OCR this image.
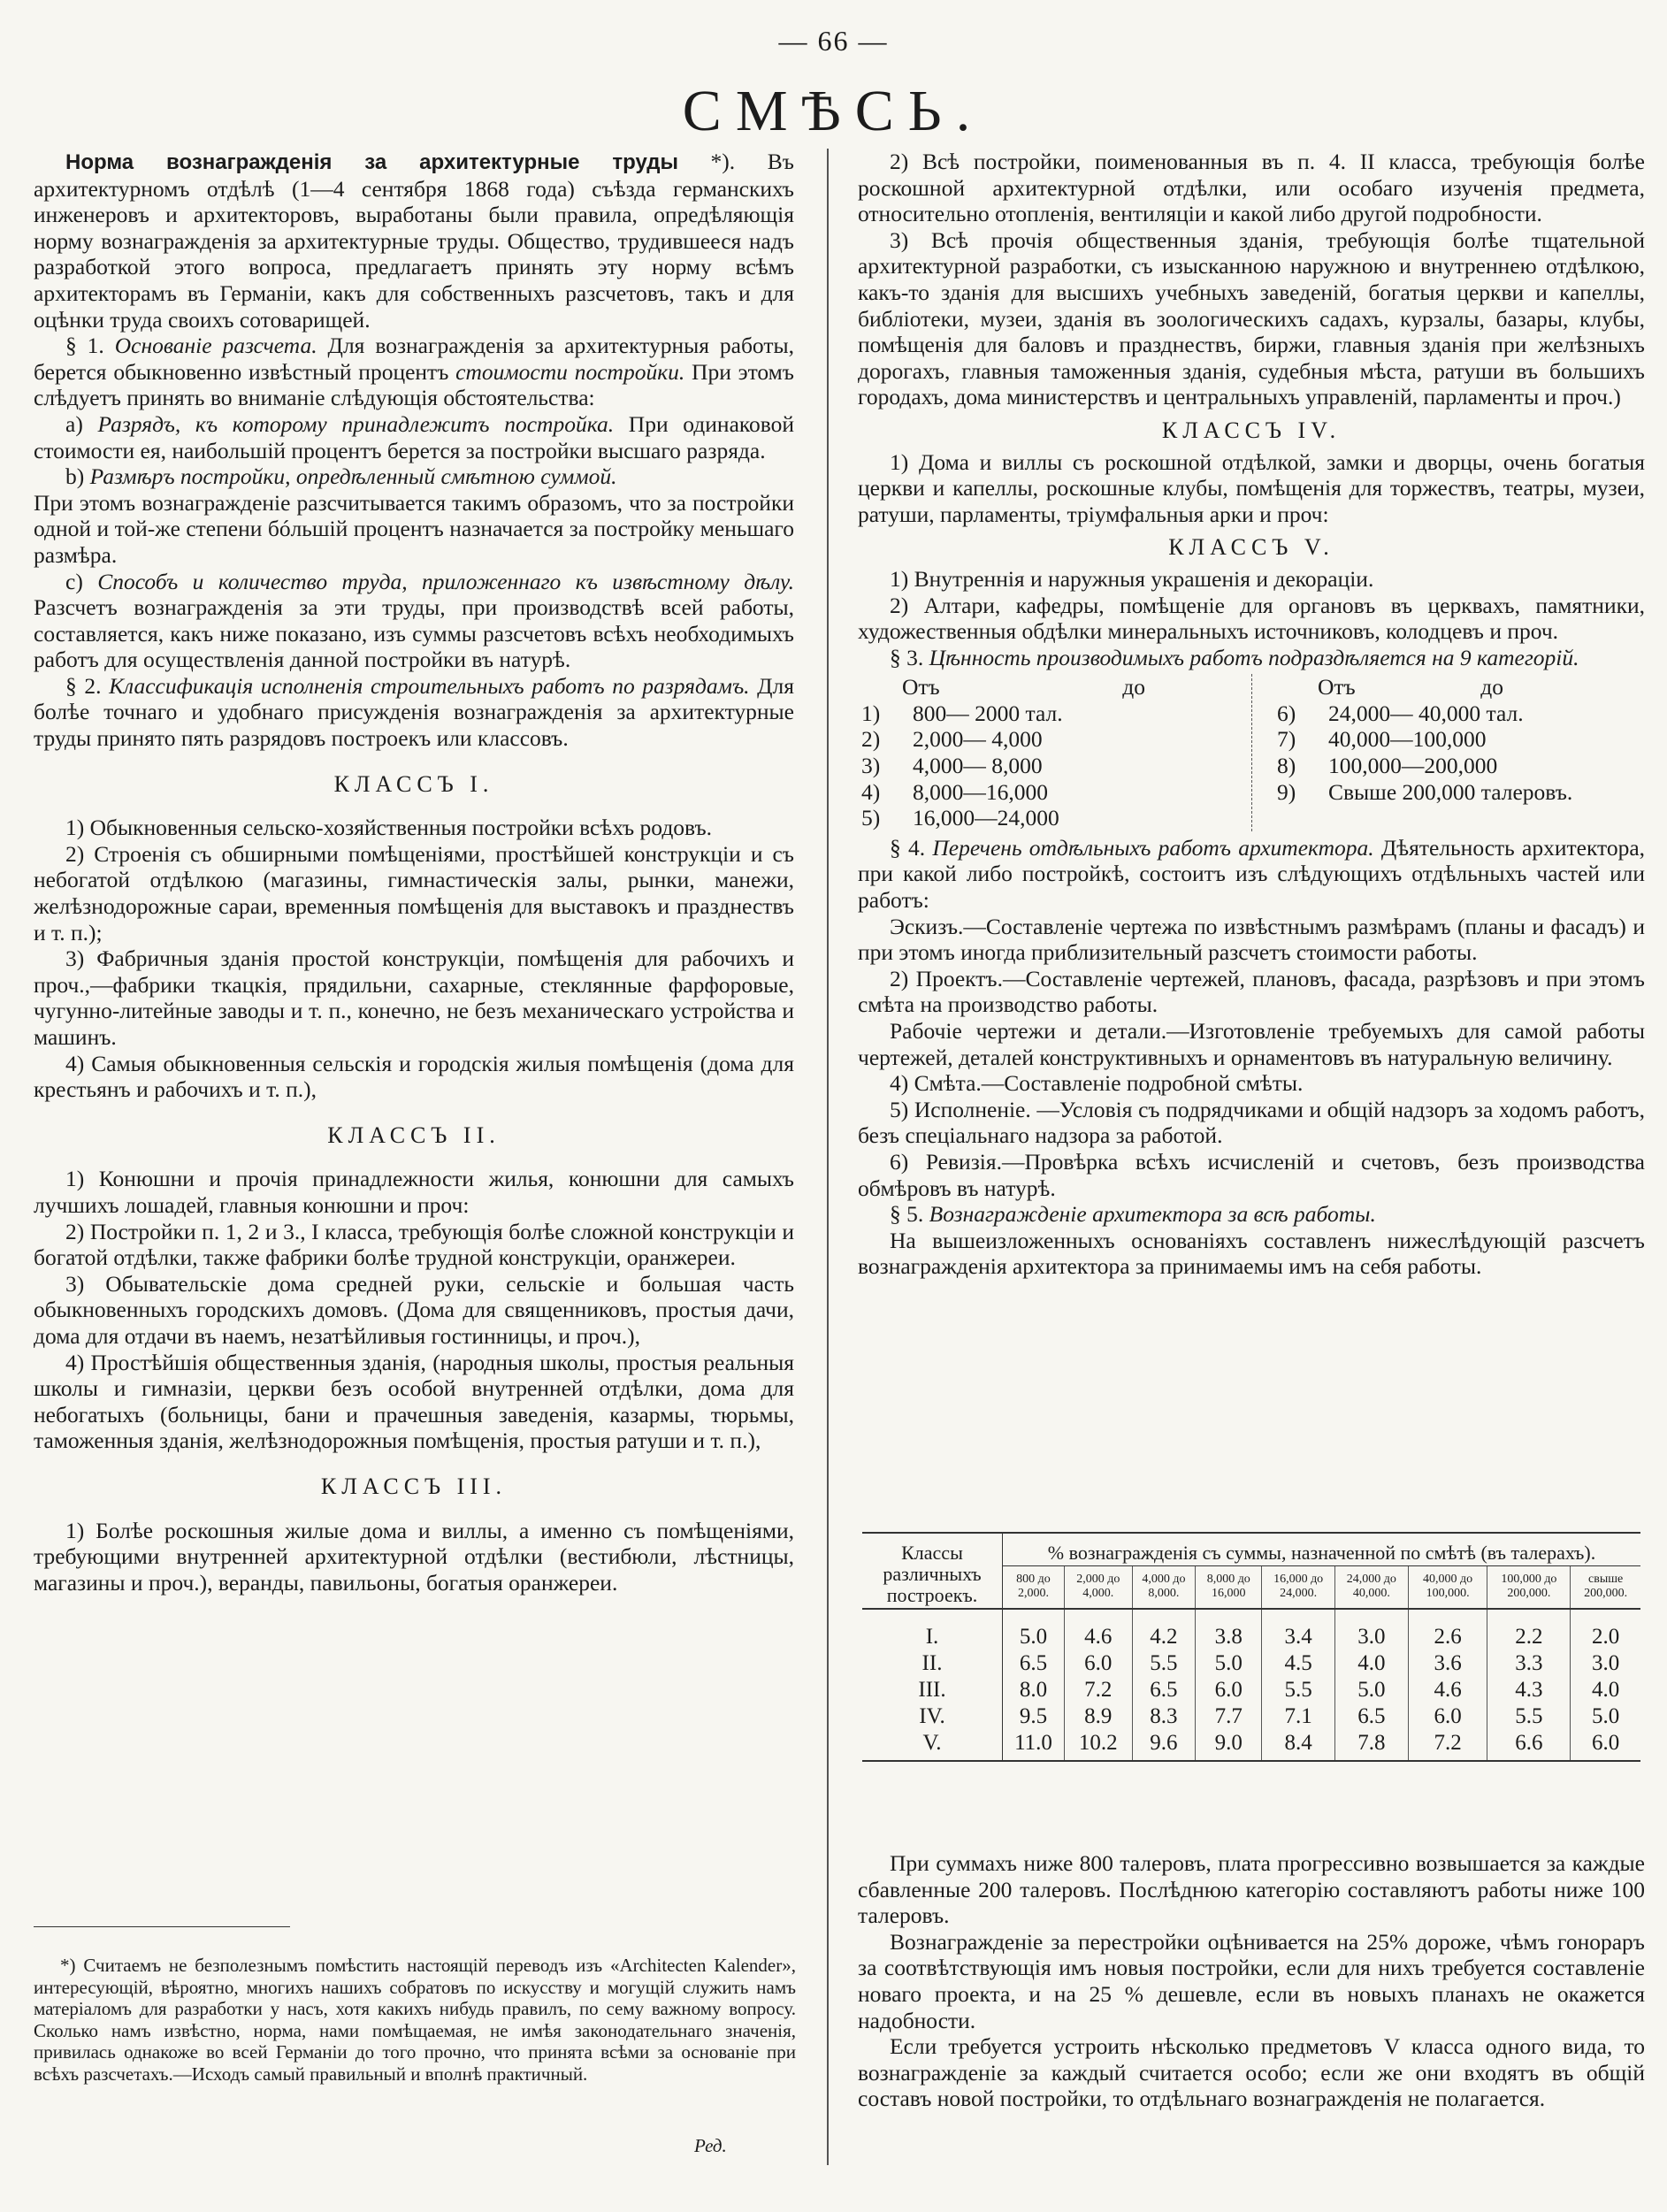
— 66 —
СМѢСЬ.

Норма вознагражденія за архитектурные труды *). Въ архитектурномъ отдѣлѣ (1—4 сентября 1868 года) съѣзда германскихъ инженеровъ и архитекторовъ, выработаны были правила, опредѣляющія норму вознагражденія за архитектурные труды. Общество, трудившееся надъ разработкой этого вопроса, предлагаетъ принять эту норму всѣмъ архитекторамъ въ Германіи, какъ для собственныхъ разсчетовъ, такъ и для оцѣнки труда своихъ сотоварищей.

§ 1. Основаніе разсчета. Для вознагражденія за архитектурныя работы, берется обыкновенно извѣстный процентъ стоимости постройки. При этомъ слѣдуетъ принять во вниманіе слѣдующія обстоятельства:

a) Разрядъ, къ которому принадлежитъ постройка. При одинаковой стоимости ея, наибольшій процентъ берется за постройки высшаго разряда.

b) Размѣръ постройки, опредѣленный смѣтною суммой.

При этомъ вознагражденіе разсчитывается такимъ образомъ, что за постройки одной и той-же степени бóльшій процентъ назначается за постройку меньшаго размѣра.

c) Способъ и количество труда, приложеннаго къ извѣстному дѣлу. Разсчетъ вознагражденія за эти труды, при производствѣ всей работы, составляется, какъ ниже показано, изъ суммы разсчетовъ всѣхъ необходимыхъ работъ для осуществленія данной постройки въ натурѣ.

§ 2. Классификація исполненія строительныхъ работъ по разрядамъ. Для болѣе точнаго и удобнаго присужденія вознагражденія за архитектурные труды принято пять разрядовъ построекъ или классовъ.

КЛАССЪ I.

1) Обыкновенныя сельско-хозяйственныя постройки всѣхъ родовъ.

2) Строенія съ обширными помѣщеніями, простѣйшей конструкціи и съ небогатой отдѣлкою (магазины, гимнастическія залы, рынки, манежи, желѣзнодорожные сараи, временныя помѣщенія для выставокъ и празднествъ и т. п.);

3) Фабричныя зданія простой конструкціи, помѣщенія для рабочихъ и проч.,—фабрики ткацкія, прядильни, сахарные, стеклянные фарфоровые, чугунно-литейные заводы и т. п., конечно, не безъ механическаго устройства и машинъ.

4) Самыя обыкновенныя сельскія и городскія жилыя помѣщенія (дома для крестьянъ и рабочихъ и т. п.),

КЛАССЪ II.

1) Конюшни и прочія принадлежности жилья, конюшни для самыхъ лучшихъ лошадей, главныя конюшни и проч:

2) Постройки п. 1, 2 и 3., I класса, требующія болѣе сложной конструкціи и богатой отдѣлки, также фабрики болѣе трудной конструкціи, оранжереи.

3) Обывательскіе дома средней руки, сельскіе и большая часть обыкновенныхъ городскихъ домовъ. (Дома для священниковъ, простыя дачи, дома для отдачи въ наемъ, незатѣйливыя гостинницы, и проч.),

4) Простѣйшія общественныя зданія, (народныя школы, простыя реальныя школы и гимназіи, церкви безъ особой внутренней отдѣлки, дома для небогатыхъ (больницы, бани и прачешныя заведенія, казармы, тюрьмы, таможенныя зданія, желѣзнодорожныя помѣщенія, простыя ратуши и т. п.),

КЛАССЪ III.

1) Болѣе роскошныя жилые дома и виллы, а именно съ помѣщеніями, требующими внутренней архитектурной отдѣлки (вестибюли, лѣстницы, магазины и проч.), веранды, павильоны, богатыя оранжереи.

*) Считаемъ не безполезнымъ помѣстить настоящій переводъ изъ «Architecten Kalender», интересующій, вѣроятно, многихъ нашихъ собратовъ по искусству и могущій служить намъ матеріаломъ для разработки у насъ, хотя какихъ нибудь правилъ, по сему важному вопросу. Сколько намъ извѣстно, норма, нами помѣщаемая, не имѣя законодательнаго значенія, привилась однакоже во всей Германіи до того прочно, что принята всѣми за основаніе при всѣхъ разсчетахъ.—Исходъ самый правильный и вполнѣ практичный.

Ред.

2) Всѣ постройки, поименованныя въ п. 4. II класса, требующія болѣе роскошной архитектурной отдѣлки, или особаго изученія предмета, относительно отопленія, вентиляціи и какой либо другой подробности.

3) Всѣ прочія общественныя зданія, требующія болѣе тщательной архитектурной разработки, съ изысканною наружною и внутреннею отдѣлкою, какъ-то зданія для высшихъ учебныхъ заведеній, богатыя церкви и капеллы, библіотеки, музеи, зданія въ зоологическихъ садахъ, курзалы, базары, клубы, помѣщенія для баловъ и празднествъ, биржи, главныя зданія при желѣзныхъ дорогахъ, главныя таможенныя зданія, судебныя мѣста, ратуши въ большихъ городахъ, дома министерствъ и центральныхъ управленій, парламенты и проч.)

КЛАССЪ IV.

1) Дома и виллы съ роскошной отдѣлкой, замки и дворцы, очень богатыя церкви и капеллы, роскошные клубы, помѣщенія для торжествъ, театры, музеи, ратуши, парламенты, тріумфальныя арки и проч:

КЛАССЪ V.

1) Внутреннія и наружныя украшенія и декораціи.

2) Алтари, кафедры, помѣщеніе для органовъ въ церквахъ, памятники, художественныя обдѣлки минеральныхъ источниковъ, колодцевъ и проч.

§ 3. Цѣнность производимыхъ работъ подраздѣляется на 9 категорій.

Отъ	до
1)	800— 2000 тал.
2)	2,000— 4,000
3)	4,000— 8,000
4)	8,000—16,000
5)	16,000—24,000
Отъ	до
6)	24,000— 40,000 тал.
7)	40,000—100,000
8)	100,000—200,000
9)	Свыше 200,000 талеровъ.

§ 4. Перечень отдѣльныхъ работъ архитектора. Дѣятельность архитектора, при какой либо постройкѣ, состоитъ изъ слѣдующихъ отдѣльныхъ частей или работъ:

Эскизъ.—Составленіе чертежа по извѣстнымъ размѣрамъ (планы и фасадъ) и при этомъ иногда приблизительный разсчетъ стоимости работы.

2) Проектъ.—Составленіе чертежей, плановъ, фасада, разрѣзовъ и при этомъ смѣта на производство работы.

Рабочіе чертежи и детали.—Изготовленіе требуемыхъ для самой работы чертежей, деталей конструктивныхъ и орнаментовъ въ натуральную величину.

4) Смѣта.—Составленіе подробной смѣты.

5) Исполненіе. —Условія съ подрядчиками и общій надзоръ за ходомъ работъ, безъ спеціальнаго надзора за работой.

6) Ревизія.—Провѣрка всѣхъ исчисленій и счетовъ, безъ производства обмѣровъ въ натурѣ.

§ 5. Вознагражденіе архитектора за всѣ работы.

На вышеизложенныхъ основаніяхъ составленъ нижеслѣдующій разсчетъ вознагражденія архитектора за принимаемы имъ на себя работы.

Классы различныхъ построекъ.	% вознагражденія съ суммы, назначенной по смѣтѣ (въ талерахъ).								
	800 до 2,000.	2,000 до 4,000.	4,000 до 8,000.	8,000 до 16,000	16,000 до 24,000.	24,000 до 40,000.	40,000 до 100,000.	100,000 до 200,000.	свыше 200,000.
I.	5.0	4.6	4.2	3.8	3.4	3.0	2.6	2.2	2.0
II.	6.5	6.0	5.5	5.0	4.5	4.0	3.6	3.3	3.0
III.	8.0	7.2	6.5	6.0	5.5	5.0	4.6	4.3	4.0
IV.	9.5	8.9	8.3	7.7	7.1	6.5	6.0	5.5	5.0
V.	11.0	10.2	9.6	9.0	8.4	7.8	7.2	6.6	6.0

При суммахъ ниже 800 талеровъ, плата прогрессивно возвышается за каждые сбавленные 200 талеровъ. Послѣднюю категорію составляютъ работы ниже 100 талеровъ.

Вознагражденіе за перестройки оцѣнивается на 25% дороже, чѣмъ гонораръ за соотвѣтствующія имъ новыя постройки, если для нихъ требуется составленіе новаго проекта, и на 25 % дешевле, если въ новыхъ планахъ не окажется надобности.

Если требуется устроить нѣсколько предметовъ V класса одного вида, то вознагражденіе за каждый считается особо; если же они входятъ въ общій составъ новой постройки, то отдѣльнаго вознагражденія не полагается.
